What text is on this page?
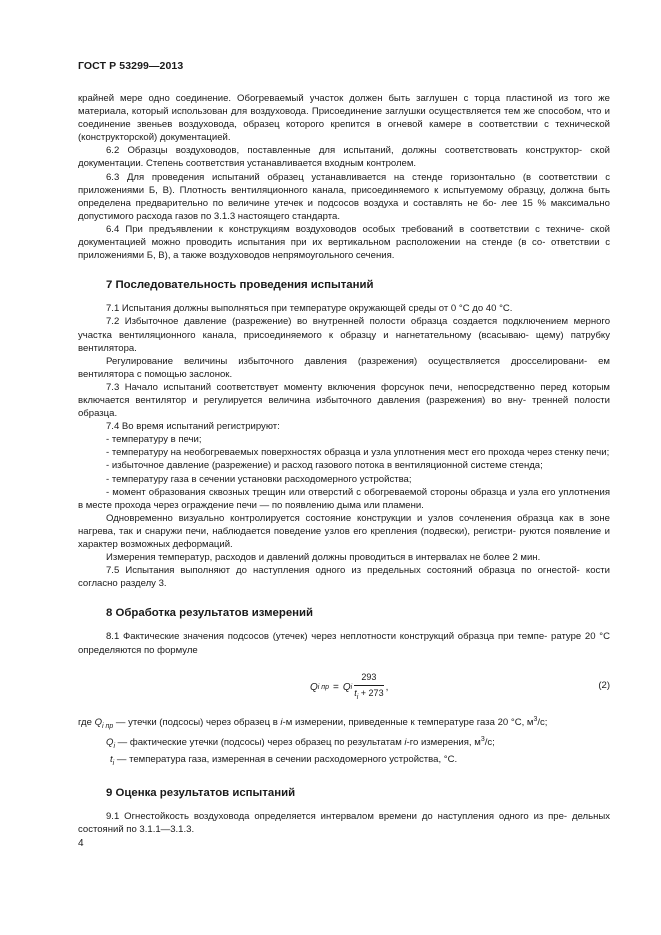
ГОСТ Р 53299—2013

крайней мере одно соединение. Обогреваемый участок должен быть заглушен с торца пластиной из того же материала, который использован для воздуховода. Присоединение заглушки осуществляется тем же способом, что и соединение звеньев воздуховода, образец которого крепится в огневой камере в соответствии с технической (конструкторской) документацией.

6.2 Образцы воздуховодов, поставленные для испытаний, должны соответствовать конструктор- ской документации. Степень соответствия устанавливается входным контролем.

6.3 Для проведения испытаний образец устанавливается на стенде горизонтально (в соответствии с приложениями Б, В). Плотность вентиляционного канала, присоединяемого к испытуемому образцу, должна быть определена предварительно по величине утечек и подсосов воздуха и составлять не бо- лее 15 % максимально допустимого расхода газов по 3.1.3 настоящего стандарта.

6.4 При предъявлении к конструкциям воздуховодов особых требований в соответствии с техниче- ской документацией можно проводить испытания при их вертикальном расположении на стенде (в со- ответствии с приложениями Б, В), а также воздуховодов непрямоугольного сечения.

7 Последовательность проведения испытаний

7.1 Испытания должны выполняться при температуре окружающей среды от 0 °С до 40 °С.

7.2 Избыточное давление (разрежение) во внутренней полости образца создается подключением мерного участка вентиляционного канала, присоединяемого к образцу и нагнетательному (всасываю- щему) патрубку вентилятора.

Регулирование величины избыточного давления (разрежения) осуществляется дросселировани- ем вентилятора с помощью заслонок.

7.3 Начало испытаний соответствует моменту включения форсунок печи, непосредственно перед которым включается вентилятор и регулируется величина избыточного давления (разрежения) во вну- тренней полости образца.

7.4 Во время испытаний регистрируют:

- температуру в печи;

- температуру на необогреваемых поверхностях образца и узла уплотнения мест его прохода через стенку печи;

- избыточное давление (разрежение) и расход газового потока в вентиляционной системе стенда;

- температуру газа в сечении установки расходомерного устройства;

- момент образования сквозных трещин или отверстий с обогреваемой стороны образца и узла его уплотнения в месте прохода через ограждение печи — по появлению дыма или пламени.

Одновременно визуально контролируется состояние конструкции и узлов сочленения образца как в зоне нагрева, так и снаружи печи, наблюдается поведение узлов его крепления (подвески), регистри- руются появление и характер возможных деформаций.

Измерения температур, расходов и давлений должны проводиться в интервалах не более 2 мин.

7.5 Испытания выполняют до наступления одного из предельных состояний образца по огнестой- кости согласно разделу 3.

8 Обработка результатов измерений

8.1 Фактические значения подсосов (утечек) через неплотности конструкций образца при темпе- ратуре 20 °С определяются по формуле

Q i пр = Q i $\frac{293}{t_i + 273}$ ,	(2)

где $Q_{i пр}$ — утечки (подсосы) через образец в i-м измерении, приведенные к температуре газа 20 °С, $м^3/с$;

$Q_i$ — фактические утечки (подсосы) через образец по результатам i-го измерения, $м^3/с$;

$t_i$ — температура газа, измеренная в сечении расходомерного устройства, °С.

9 Оценка результатов испытаний

9.1 Огнестойкость воздуховода определяется интервалом времени до наступления одного из пре- дельных состояний по 3.1.1—3.1.3.

4
